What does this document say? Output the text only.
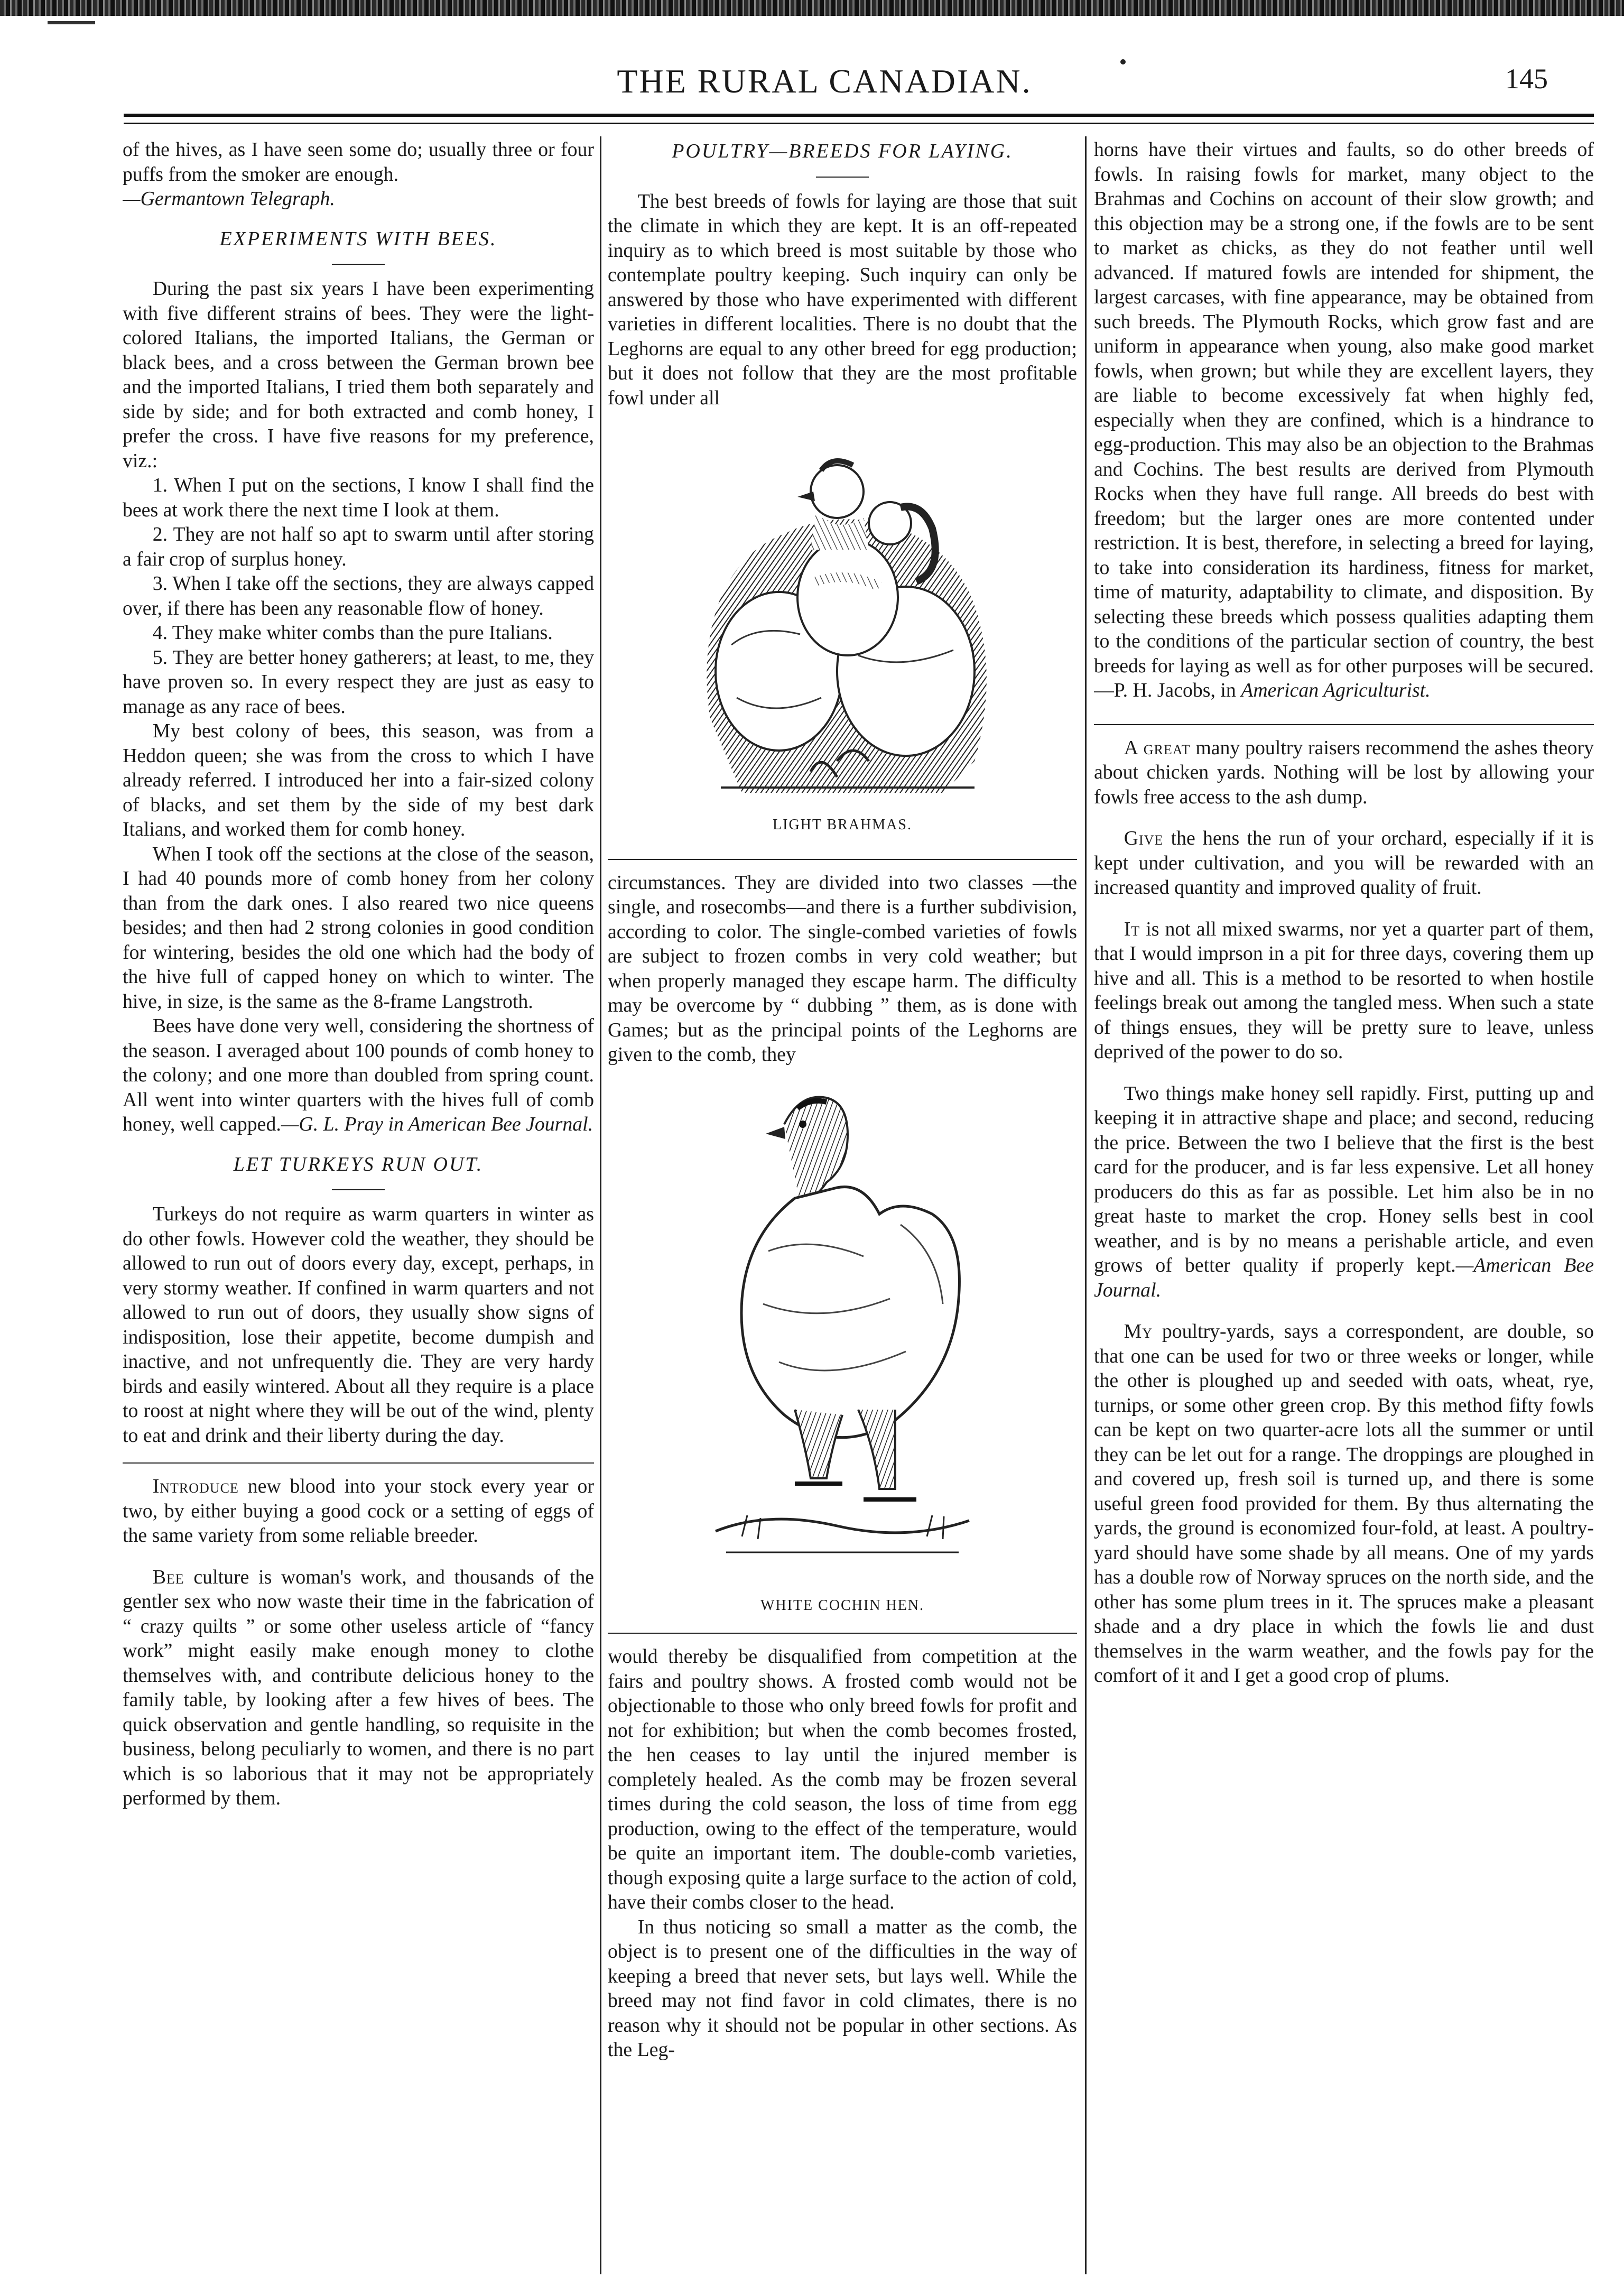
THE RURAL CANADIAN.	145

of the hives, as I have seen some do; usually three or four puffs from the smoker are enough.

—Germantown Telegraph.

EXPERIMENTS WITH BEES.

During the past six years I have been experimenting with five different strains of bees. They were the light-colored Italians, the imported Italians, the German or black bees, and a cross between the German brown bee and the imported Italians, I tried them both separately and side by side; and for both extracted and comb honey, I prefer the cross. I have five reasons for my preference, viz.:

1. When I put on the sections, I know I shall find the bees at work there the next time I look at them.

2. They are not half so apt to swarm until after storing a fair crop of surplus honey.

3. When I take off the sections, they are always capped over, if there has been any reasonable flow of honey.

4. They make whiter combs than the pure Italians.

5. They are better honey gatherers; at least, to me, they have proven so. In every respect they are just as easy to manage as any race of bees.

My best colony of bees, this season, was from a Heddon queen; she was from the cross to which I have already referred. I introduced her into a fair-sized colony of blacks, and set them by the side of my best dark Italians, and worked them for comb honey.

When I took off the sections at the close of the season, I had 40 pounds more of comb honey from her colony than from the dark ones. I also reared two nice queens besides; and then had 2 strong colonies in good condition for wintering, besides the old one which had the body of the hive full of capped honey on which to winter. The hive, in size, is the same as the 8-frame Langstroth.

Bees have done very well, considering the shortness of the season. I averaged about 100 pounds of comb honey to the colony; and one more than doubled from spring count. All went into winter quarters with the hives full of comb honey, well capped.—G. L. Pray in American Bee Journal.

LET TURKEYS RUN OUT.

Turkeys do not require as warm quarters in winter as do other fowls. However cold the weather, they should be allowed to run out of doors every day, except, perhaps, in very stormy weather. If confined in warm quarters and not allowed to run out of doors, they usually show signs of indisposition, lose their appetite, become dumpish and inactive, and not unfrequently die. They are very hardy birds and easily wintered. About all they require is a place to roost at night where they will be out of the wind, plenty to eat and drink and their liberty during the day.

Introduce new blood into your stock every year or two, by either buying a good cock or a setting of eggs of the same variety from some reliable breeder.

Bee culture is woman's work, and thousands of the gentler sex who now waste their time in the fabrication of “ crazy quilts ” or some other useless article of “fancy work” might easily make enough money to clothe themselves with, and contribute delicious honey to the family table, by looking after a few hives of bees. The quick observation and gentle handling, so requisite in the business, belong peculiarly to women, and there is no part which is so laborious that it may not be appropriately performed by them.

POULTRY—BREEDS FOR LAYING.

The best breeds of fowls for laying are those that suit the climate in which they are kept. It is an off-repeated inquiry as to which breed is most suitable by those who contemplate poultry keeping. Such inquiry can only be answered by those who have experimented with different varieties in different localities. There is no doubt that the Leghorns are equal to any other breed for egg production; but it does not follow that they are the most profitable fowl under all

LIGHT BRAHMAS.

circumstances. They are divided into two classes —the single, and rosecombs—and there is a further subdivision, according to color. The single-combed varieties of fowls are subject to frozen combs in very cold weather; but when properly managed they escape harm. The difficulty may be overcome by “ dubbing ” them, as is done with Games; but as the principal points of the Leghorns are given to the comb, they

WHITE COCHIN HEN.

would thereby be disqualified from competition at the fairs and poultry shows. A frosted comb would not be objectionable to those who only breed fowls for profit and not for exhibition; but when the comb becomes frosted, the hen ceases to lay until the injured member is completely healed. As the comb may be frozen several times during the cold season, the loss of time from egg production, owing to the effect of the temperature, would be quite an important item. The double-comb varieties, though exposing quite a large surface to the action of cold, have their combs closer to the head.

In thus noticing so small a matter as the comb, the object is to present one of the difficulties in the way of keeping a breed that never sets, but lays well. While the breed may not find favor in cold climates, there is no reason why it should not be popular in other sections. As the Leg-

horns have their virtues and faults, so do other breeds of fowls. In raising fowls for market, many object to the Brahmas and Cochins on account of their slow growth; and this objection may be a strong one, if the fowls are to be sent to market as chicks, as they do not feather until well advanced. If matured fowls are intended for shipment, the largest carcases, with fine appearance, may be obtained from such breeds. The Plymouth Rocks, which grow fast and are uniform in appearance when young, also make good market fowls, when grown; but while they are excellent layers, they are liable to become excessively fat when highly fed, especially when they are confined, which is a hindrance to egg-production. This may also be an objection to the Brahmas and Cochins. The best results are derived from Plymouth Rocks when they have full range. All breeds do best with freedom; but the larger ones are more contented under restriction. It is best, therefore, in selecting a breed for laying, to take into consideration its hardiness, fitness for market, time of maturity, adaptability to climate, and disposition. By selecting these breeds which possess qualities adapting them to the conditions of the particular section of country, the best breeds for laying as well as for other purposes will be secured.—P. H. Jacobs, in American Agriculturist.

A great many poultry raisers recommend the ashes theory about chicken yards. Nothing will be lost by allowing your fowls free access to the ash dump.

Give the hens the run of your orchard, especially if it is kept under cultivation, and you will be rewarded with an increased quantity and improved quality of fruit.

It is not all mixed swarms, nor yet a quarter part of them, that I would imprson in a pit for three days, covering them up hive and all. This is a method to be resorted to when hostile feelings break out among the tangled mess. When such a state of things ensues, they will be pretty sure to leave, unless deprived of the power to do so.

Two things make honey sell rapidly. First, putting up and keeping it in attractive shape and place; and second, reducing the price. Between the two I believe that the first is the best card for the producer, and is far less expensive. Let all honey producers do this as far as possible. Let him also be in no great haste to market the crop. Honey sells best in cool weather, and is by no means a perishable article, and even grows of better quality if properly kept.—American Bee Journal.

My poultry-yards, says a correspondent, are double, so that one can be used for two or three weeks or longer, while the other is ploughed up and seeded with oats, wheat, rye, turnips, or some other green crop. By this method fifty fowls can be kept on two quarter-acre lots all the summer or until they can be let out for a range. The droppings are ploughed in and covered up, fresh soil is turned up, and there is some useful green food provided for them. By thus alternating the yards, the ground is economized four-fold, at least. A poultry-yard should have some shade by all means. One of my yards has a double row of Norway spruces on the north side, and the other has some plum trees in it. The spruces make a pleasant shade and a dry place in which the fowls lie and dust themselves in the warm weather, and the fowls pay for the comfort of it and I get a good crop of plums.
